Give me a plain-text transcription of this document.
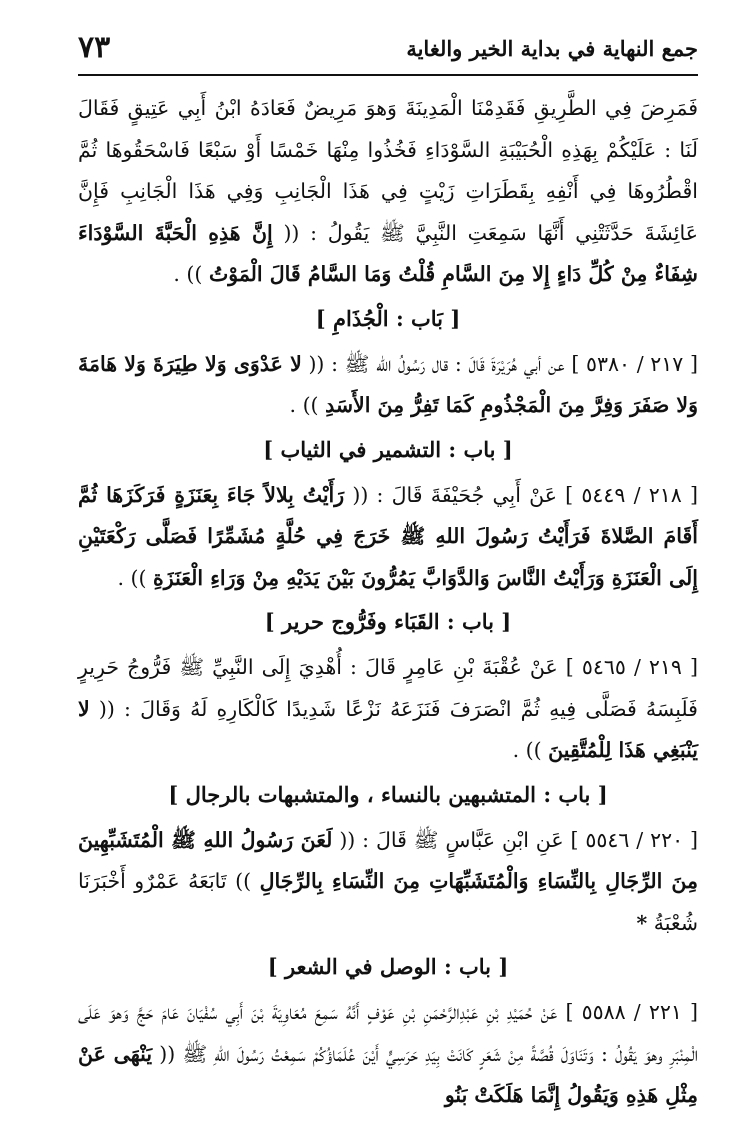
٧٣	جمع النهاية في بداية الخير والغاية

فَمَرِضَ فِي الطَّرِيقِ فَقَدِمْنَا الْمَدِينَةَ وَهوَ مَرِيضٌ فَعَادَهُ ابْنُ أَبِي عَتِيقٍ فَقَالَ لَنَا : عَلَيْكُمْ بِهَذِهِ الْحُبَيْبَةِ السَّوْدَاءِ فَخُذُوا مِنْهَا خَمْسًا أَوْ سَبْعًا فَاسْحَقُوهَا ثُمَّ اقْطُرُوهَا فِي أَنْفِهِ بِقَطَرَاتِ زَيْتٍ فِي هَذَا الْجَانِبِ وَفِي هَذَا الْجَانِبِ فَإِنَّ عَائِشَةَ حَدَّثَتْنِي أَنَّهَا سَمِعَتِ النَّبِيَّ ﷺ يَقُولُ : (( إِنَّ هَذِهِ الْحَبَّةَ السَّوْدَاءَ شِفَاءٌ مِنْ كُلِّ دَاءٍ إِلا مِنَ السَّامِ قُلْتُ وَمَا السَّامُ قَالَ الْمَوْتُ )) .

[ بَاب : الْجُذَامِ ]

[ ٢١٧ / ٥٣٨٠ ] عن أبي هُرَيْرَةَ قَالَ : قال رَسُولُ الله ﷺ : (( لا عَدْوَى وَلا طِيَرَةَ وَلا هَامَةَ وَلا صَفَرَ وَفِرَّ مِنَ الْمَجْذُومِ كَمَا تَفِرُّ مِنَ الأَسَدِ )) .

[ باب : التشمير في الثياب ]

[ ٢١٨ / ٥٤٤٩ ] عَنْ أَبِي جُحَيْفَةَ قَالَ : (( رَأَيْتُ بِلالاً جَاءَ بِعَنَزَةٍ فَرَكَزَهَا ثُمَّ أَقَامَ الصَّلاةَ فَرَأَيْتُ رَسُولَ اللهِ ﷺ خَرَجَ فِي حُلَّةٍ مُشَمِّرًا فَصَلَّى رَكْعَتَيْنِ إِلَى الْعَنَزَةِ وَرَأَيْتُ النَّاسَ وَالدَّوَابَّ يَمُرُّونَ بَيْنَ يَدَيْهِ مِنْ وَرَاءِ الْعَنَزَةِ )) .

[ باب : القَبَاء وفَرُّوج حرير ]

[ ٢١٩ / ٥٤٦٥ ] عَنْ عُقْبَةَ بْنِ عَامِرٍ قَالَ : أُهْدِيَ إِلَى النَّبِيِّ ﷺ فَرُّوجُ حَرِيرٍ فَلَبِسَهُ فَصَلَّى فِيهِ ثُمَّ انْصَرَفَ فَنَزَعَهُ نَزْعًا شَدِيدًا كَالْكَارِهِ لَهُ وَقَالَ : (( لا يَنْبَغِي هَذَا لِلْمُتَّقِينَ )) .

[ باب : المتشبهين بالنساء ، والمتشبهات بالرجال ]

[ ٢٢٠ / ٥٥٤٦ ] عَنِ ابْنِ عَبَّاسٍ ﷺ قَالَ : (( لَعَنَ رَسُولُ اللهِ ﷺ الْمُتَشَبِّهِينَ مِنَ الرِّجَالِ بِالنِّسَاءِ وَالْمُتَشَبِّهَاتِ مِنَ النِّسَاءِ بِالرِّجَالِ )) تَابَعَهُ عَمْرٌو أَخْبَرَنَا شُعْبَةُ *

[ باب : الوصل في الشعر ]

[ ٢٢١ / ٥٥٨٨ ] عَنْ حُمَيْدِ بْنِ عَبْدِالرَّحْمَنِ بْنِ عَوْفٍ أَنَّهُ سَمِعَ مُعَاوِيَةَ بْنَ أَبِي سُفْيَانَ عَامَ حَجَّ وَهوَ عَلَى الْمِنْبَرِ وهوَ يَقُولُ : وَتَنَاوَلَ قُصَّةً مِنْ شَعَرٍ كَانَتْ بِيَدِ حَرَسِيٍّ أَيْنَ عُلَمَاؤُكُمْ سَمِعْتُ رَسُولَ اللهِ ﷺ (( يَنْهَى عَنْ مِثْلِ هَذِهِ وَيَقُولُ إِنَّمَا هَلَكَتْ بَنُو
